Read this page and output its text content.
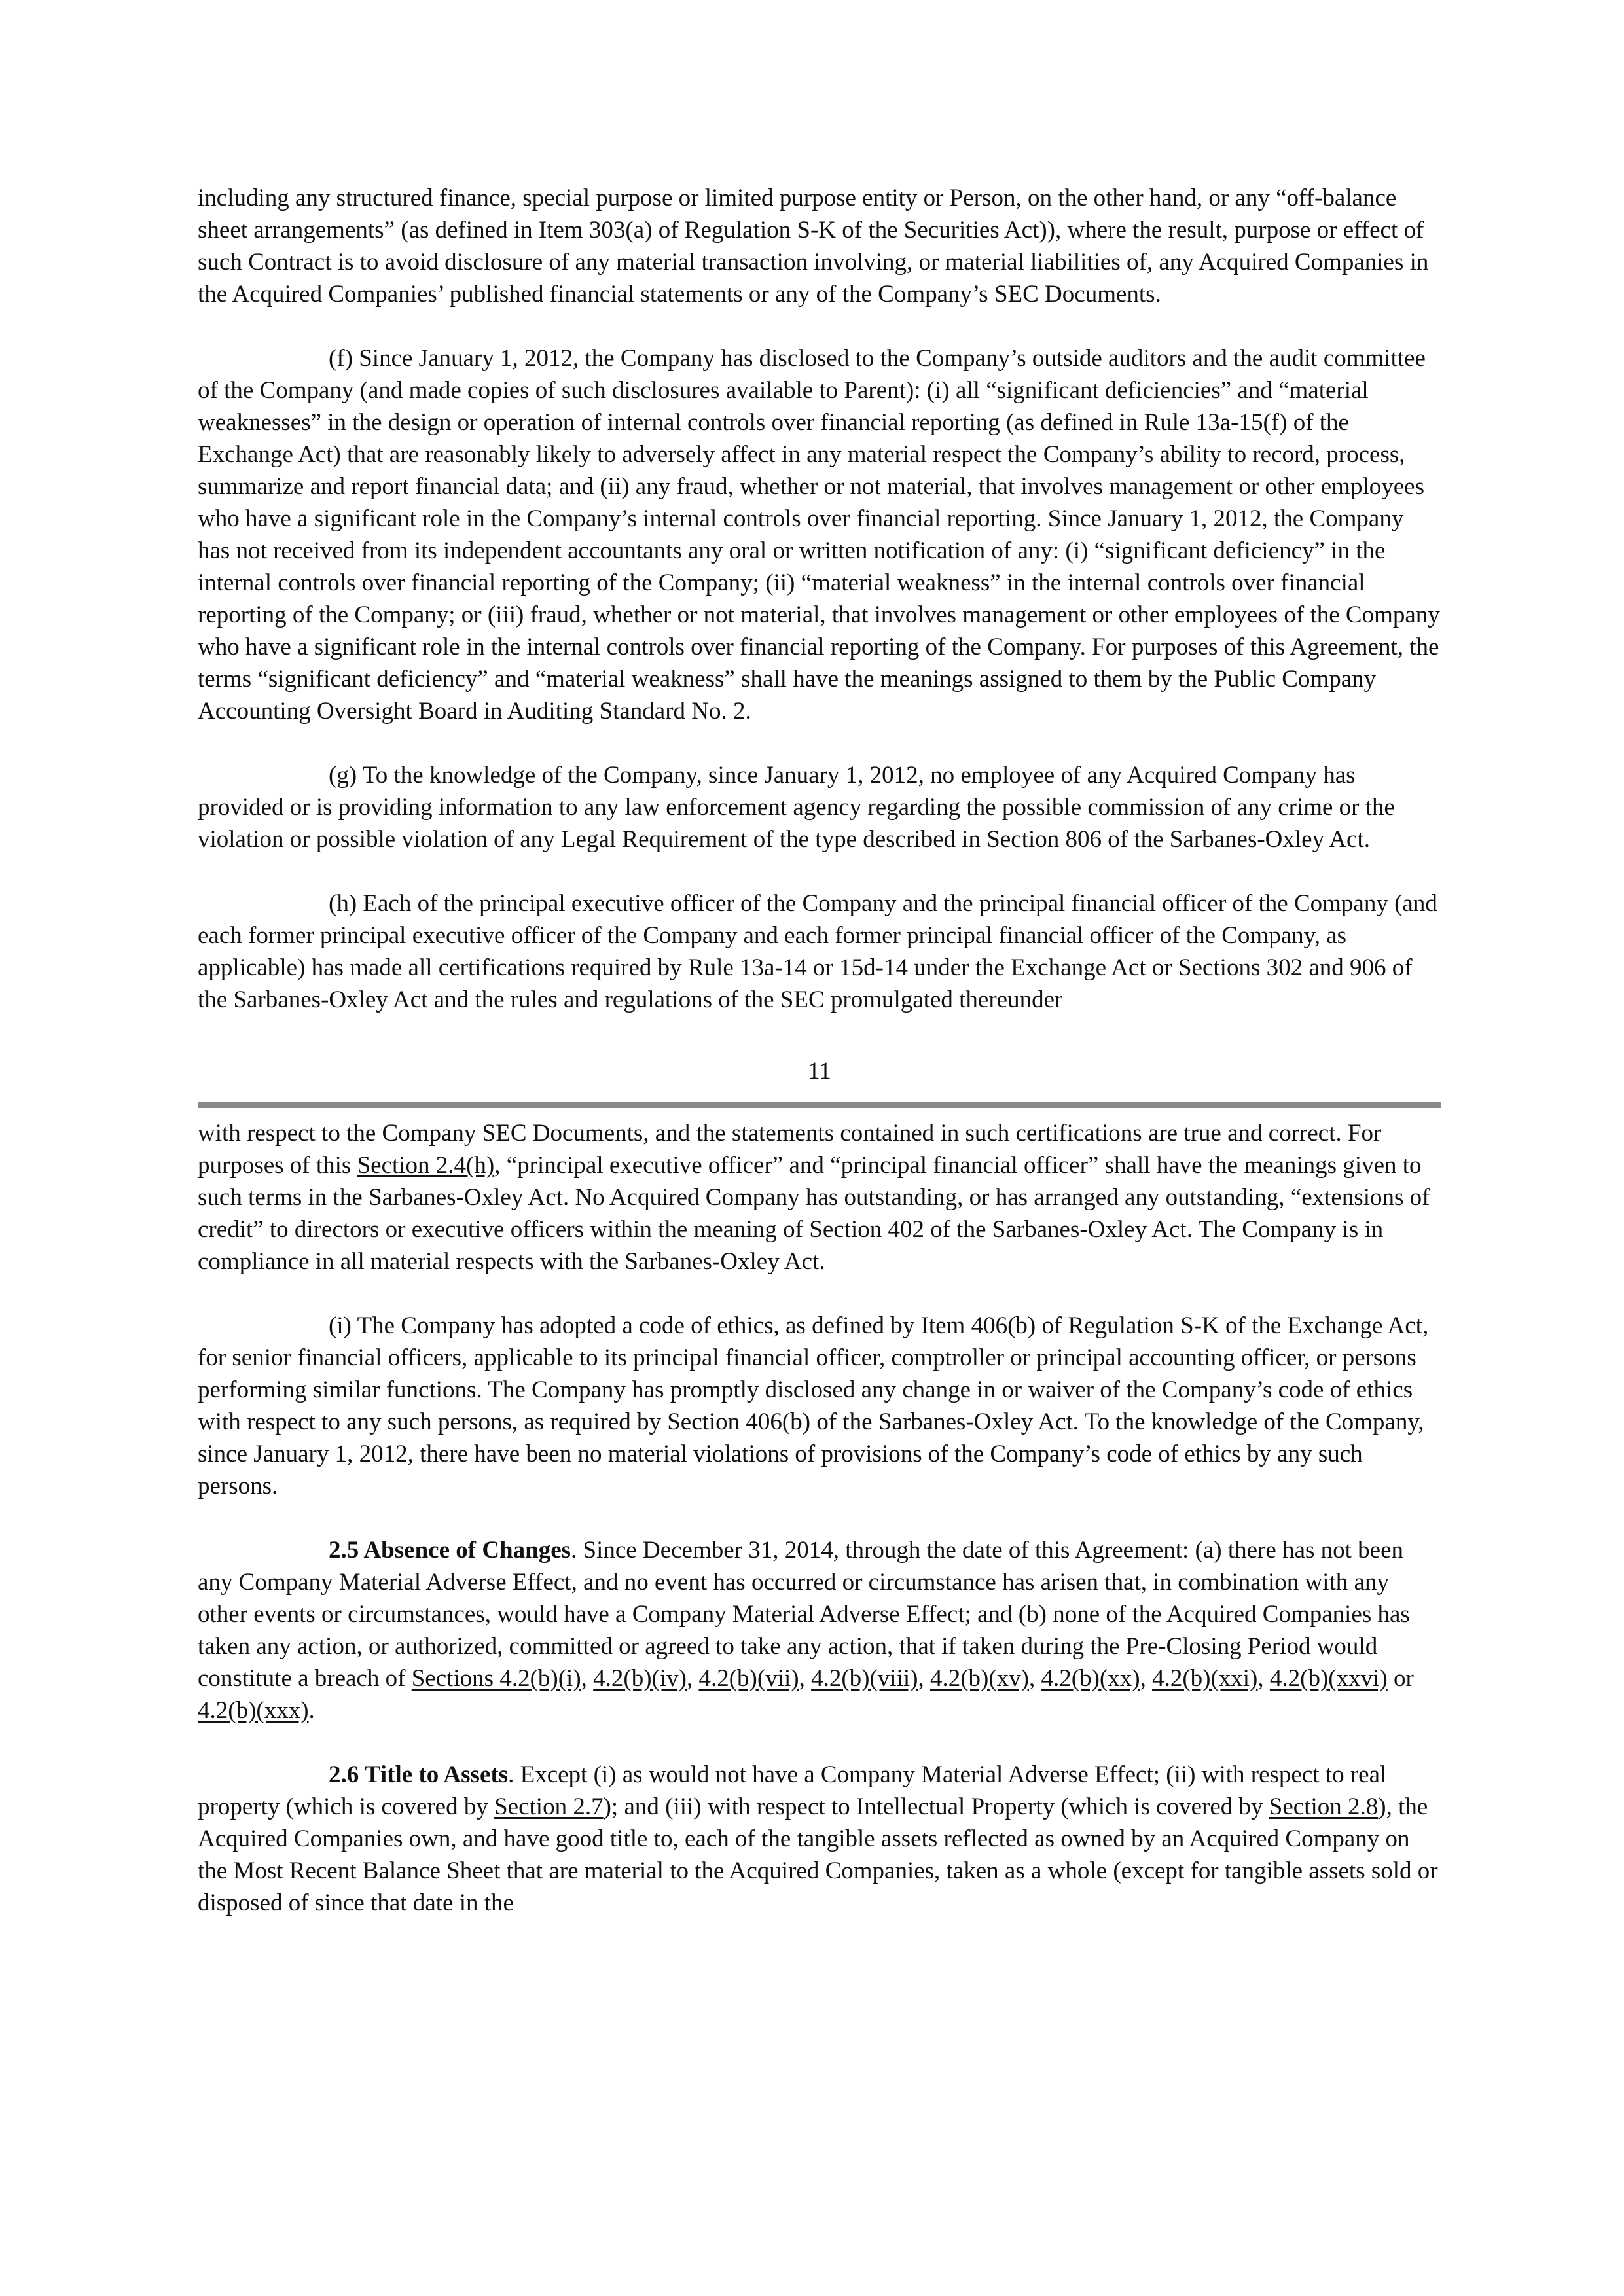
including any structured finance, special purpose or limited purpose entity or Person, on the other hand, or any “off-balance sheet arrangements” (as defined in Item 303(a) of Regulation S-K of the Securities Act)), where the result, purpose or effect of such Contract is to avoid disclosure of any material transaction involving, or material liabilities of, any Acquired Companies in the Acquired Companies’ published financial statements or any of the Company’s SEC Documents.

(f) Since January 1, 2012, the Company has disclosed to the Company’s outside auditors and the audit committee of the Company (and made copies of such disclosures available to Parent): (i) all “significant deficiencies” and “material weaknesses” in the design or operation of internal controls over financial reporting (as defined in Rule 13a-15(f) of the Exchange Act) that are reasonably likely to adversely affect in any material respect the Company’s ability to record, process, summarize and report financial data; and (ii) any fraud, whether or not material, that involves management or other employees who have a significant role in the Company’s internal controls over financial reporting. Since January 1, 2012, the Company has not received from its independent accountants any oral or written notification of any: (i) “significant deficiency” in the internal controls over financial reporting of the Company; (ii) “material weakness” in the internal controls over financial reporting of the Company; or (iii) fraud, whether or not material, that involves management or other employees of the Company who have a significant role in the internal controls over financial reporting of the Company. For purposes of this Agreement, the terms “significant deficiency” and “material weakness” shall have the meanings assigned to them by the Public Company Accounting Oversight Board in Auditing Standard No. 2.

(g) To the knowledge of the Company, since January 1, 2012, no employee of any Acquired Company has provided or is providing information to any law enforcement agency regarding the possible commission of any crime or the violation or possible violation of any Legal Requirement of the type described in Section 806 of the Sarbanes-Oxley Act.

(h) Each of the principal executive officer of the Company and the principal financial officer of the Company (and each former principal executive officer of the Company and each former principal financial officer of the Company, as applicable) has made all certifications required by Rule 13a-14 or 15d-14 under the Exchange Act or Sections 302 and 906 of the Sarbanes-Oxley Act and the rules and regulations of the SEC promulgated thereunder

11

with respect to the Company SEC Documents, and the statements contained in such certifications are true and correct. For purposes of this Section 2.4(h), “principal executive officer” and “principal financial officer” shall have the meanings given to such terms in the Sarbanes-Oxley Act. No Acquired Company has outstanding, or has arranged any outstanding, “extensions of credit” to directors or executive officers within the meaning of Section 402 of the Sarbanes-Oxley Act. The Company is in compliance in all material respects with the Sarbanes-Oxley Act.

(i) The Company has adopted a code of ethics, as defined by Item 406(b) of Regulation S-K of the Exchange Act, for senior financial officers, applicable to its principal financial officer, comptroller or principal accounting officer, or persons performing similar functions. The Company has promptly disclosed any change in or waiver of the Company’s code of ethics with respect to any such persons, as required by Section 406(b) of the Sarbanes-Oxley Act. To the knowledge of the Company, since January 1, 2012, there have been no material violations of provisions of the Company’s code of ethics by any such persons.

2.5 Absence of Changes. Since December 31, 2014, through the date of this Agreement: (a) there has not been any Company Material Adverse Effect, and no event has occurred or circumstance has arisen that, in combination with any other events or circumstances, would have a Company Material Adverse Effect; and (b) none of the Acquired Companies has taken any action, or authorized, committed or agreed to take any action, that if taken during the Pre-Closing Period would constitute a breach of Sections 4.2(b)(i), 4.2(b)(iv), 4.2(b)(vii), 4.2(b)(viii), 4.2(b)(xv), 4.2(b)(xx), 4.2(b)(xxi), 4.2(b)(xxvi) or 4.2(b)(xxx).

2.6 Title to Assets. Except (i) as would not have a Company Material Adverse Effect; (ii) with respect to real property (which is covered by Section 2.7); and (iii) with respect to Intellectual Property (which is covered by Section 2.8), the Acquired Companies own, and have good title to, each of the tangible assets reflected as owned by an Acquired Company on the Most Recent Balance Sheet that are material to the Acquired Companies, taken as a whole (except for tangible assets sold or disposed of since that date in the
